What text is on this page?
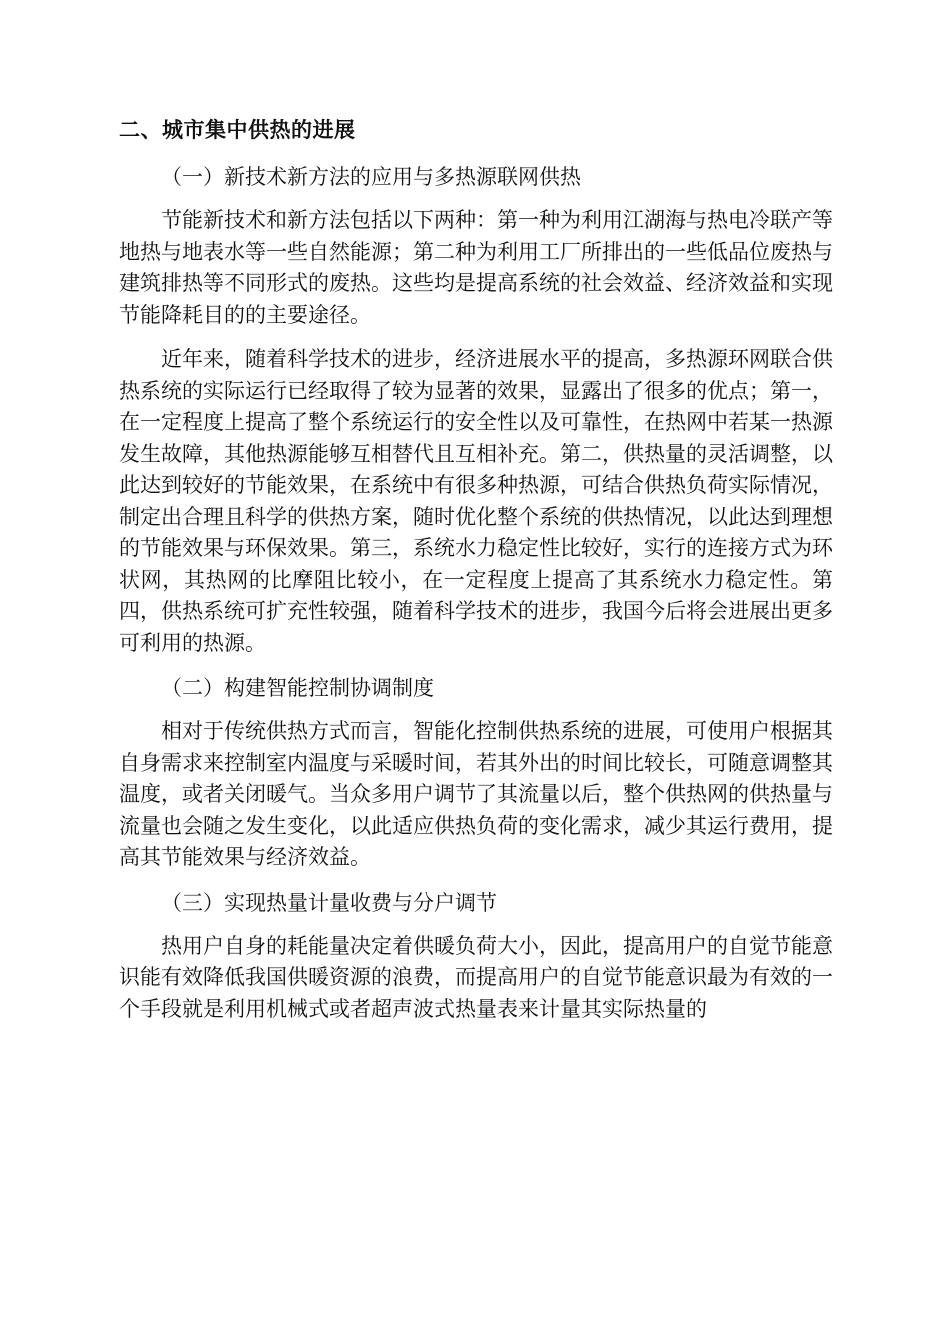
二、城市集中供热的进展
（一）新技术新方法的应用与多热源联网供热

节能新技术和新方法包括以下两种：第一种为利用江湖海与热电冷联产等地热与地表水等一些自然能源；第二种为利用工厂所排出的一些低品位废热与建筑排热等不同形式的废热。这些均是提高系统的社会效益、经济效益和实现节能降耗目的的主要途径。

近年来，随着科学技术的进步，经济进展水平的提高，多热源环网联合供热系统的实际运行已经取得了较为显著的效果，显露出了很多的优点；第一，在一定程度上提高了整个系统运行的安全性以及可靠性，在热网中若某一热源发生故障，其他热源能够互相替代且互相补充。第二，供热量的灵活调整，以此达到较好的节能效果，在系统中有很多种热源，可结合供热负荷实际情况，制定出合理且科学的供热方案，随时优化整个系统的供热情况，以此达到理想的节能效果与环保效果。第三，系统水力稳定性比较好，实行的连接方式为环状网，其热网的比摩阻比较小，在一定程度上提高了其系统水力稳定性。第四，供热系统可扩充性较强，随着科学技术的进步，我国今后将会进展出更多可利用的热源。

（二）构建智能控制协调制度

相对于传统供热方式而言，智能化控制供热系统的进展，可使用户根据其自身需求来控制室内温度与采暖时间，若其外出的时间比较长，可随意调整其温度，或者关闭暖气。当众多用户调节了其流量以后，整个供热网的供热量与流量也会随之发生变化，以此适应供热负荷的变化需求，减少其运行费用，提高其节能效果与经济效益。

（三）实现热量计量收费与分户调节

热用户自身的耗能量决定着供暖负荷大小，因此，提高用户的自觉节能意识能有效降低我国供暖资源的浪费，而提高用户的自觉节能意识最为有效的一个手段就是利用机械式或者超声波式热量表来计量其实际热量的
